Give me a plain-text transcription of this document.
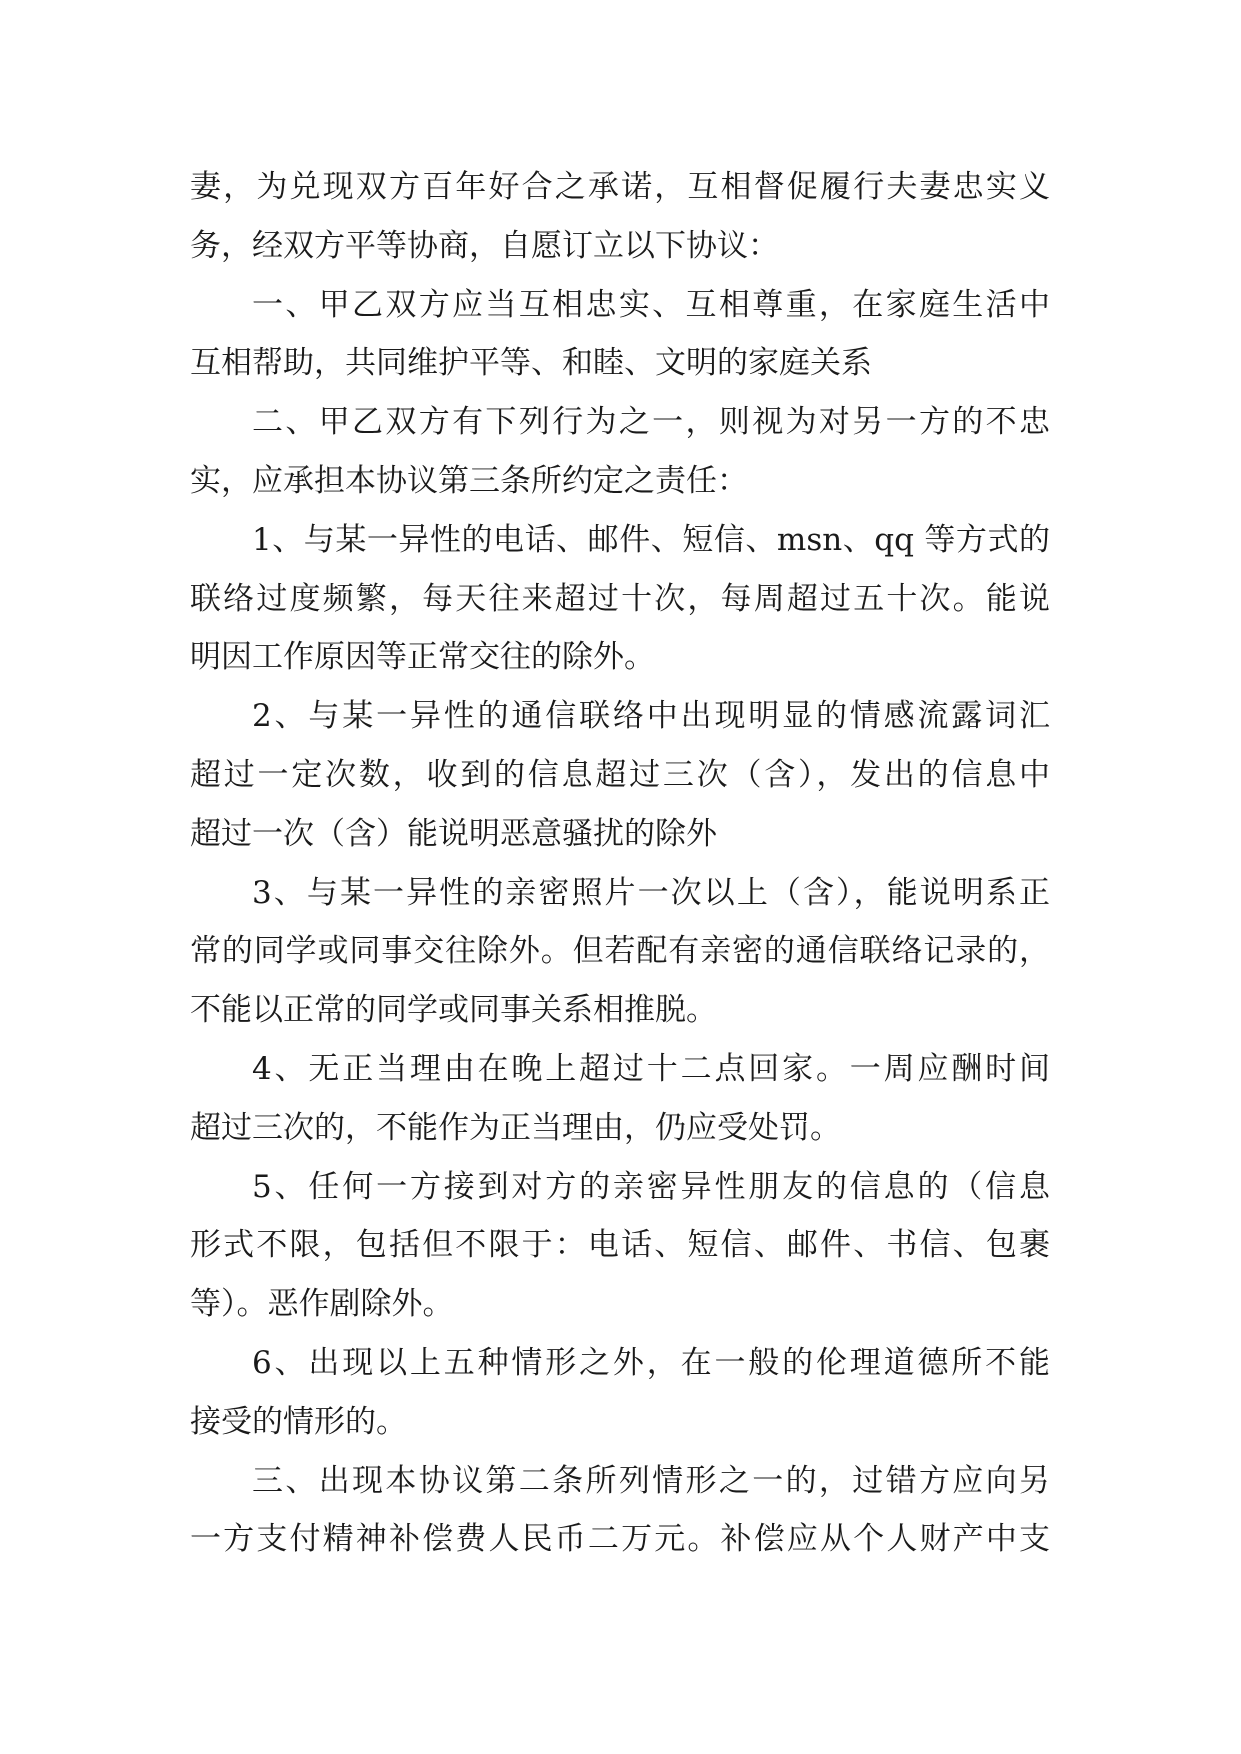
妻，为兑现双方百年好合之承诺，互相督促履行夫妻忠实义
务，经双方平等协商，自愿订立以下协议：
一、甲乙双方应当互相忠实、互相尊重，在家庭生活中
互相帮助，共同维护平等、和睦、文明的家庭关系
二、甲乙双方有下列行为之一，则视为对另一方的不忠
实，应承担本协议第三条所约定之责任：
1、与某一异性的电话、邮件、短信、msn、qq 等方式的
联络过度频繁，每天往来超过十次，每周超过五十次。能说
明因工作原因等正常交往的除外。
2、与某一异性的通信联络中出现明显的情感流露词汇
超过一定次数，收到的信息超过三次（含），发出的信息中
超过一次（含）能说明恶意骚扰的除外
3、与某一异性的亲密照片一次以上（含），能说明系正
常的同学或同事交往除外。但若配有亲密的通信联络记录的，
不能以正常的同学或同事关系相推脱。
4、无正当理由在晚上超过十二点回家。一周应酬时间
超过三次的，不能作为正当理由，仍应受处罚。
5、任何一方接到对方的亲密异性朋友的信息的（信息
形式不限，包括但不限于：电话、短信、邮件、书信、包裹
等）。恶作剧除外。
6、出现以上五种情形之外，在一般的伦理道德所不能
接受的情形的。
三、出现本协议第二条所列情形之一的，过错方应向另
一方支付精神补偿费人民币二万元。补偿应从个人财产中支
